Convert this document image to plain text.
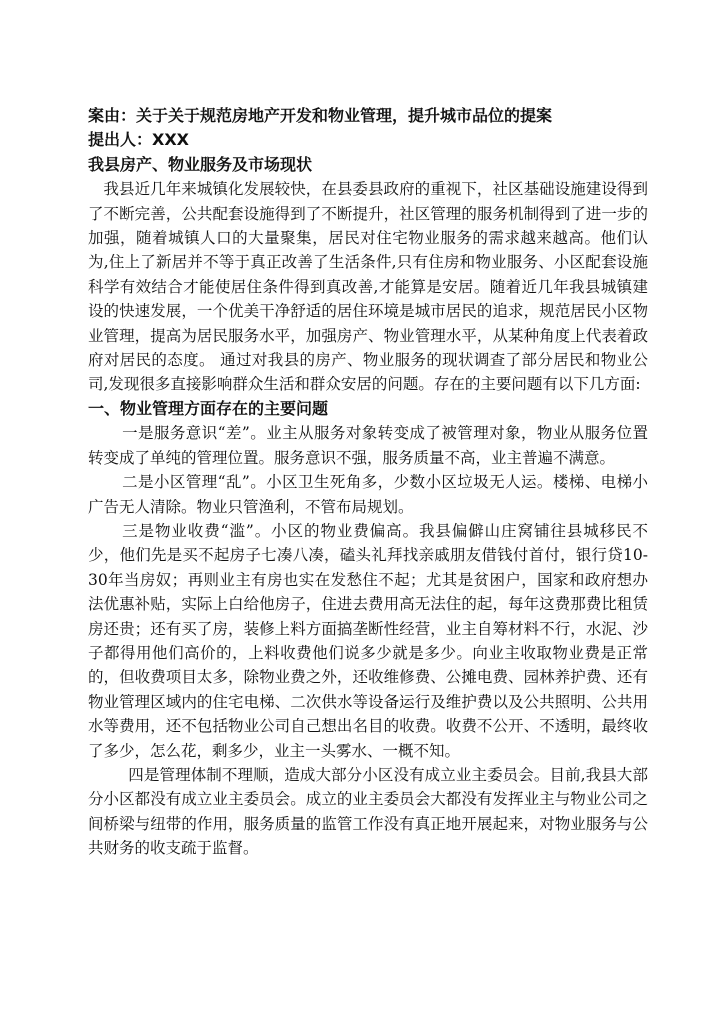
案由：关于关于规范房地产开发和物业管理，提升城市品位的提案

提出人：XXX

我县房产、物业服务及市场现状

我县近几年来城镇化发展较快，在县委县政府的重视下，社区基础设施建设得到了不断完善，公共配套设施得到了不断提升，社区管理的服务机制得到了进一步的加强，随着城镇人口的大量聚集，居民对住宅物业服务的需求越来越高。他们认为,住上了新居并不等于真正改善了生活条件,只有住房和物业服务、小区配套设施科学有效结合才能使居住条件得到真改善,才能算是安居。随着近几年我县城镇建设的快速发展，一个优美干净舒适的居住环境是城市居民的追求，规范居民小区物业管理，提高为居民服务水平，加强房产、物业管理水平，从某种角度上代表着政府对居民的态度。 通过对我县的房产、物业服务的现状调查了部分居民和物业公司,发现很多直接影响群众生活和群众安居的问题。存在的主要问题有以下几方面:

一、物业管理方面存在的主要问题

一是服务意识“差”。业主从服务对象转变成了被管理对象，物业从服务位置转变成了单纯的管理位置。服务意识不强，服务质量不高，业主普遍不满意。

二是小区管理“乱”。小区卫生死角多，少数小区垃圾无人运。楼梯、电梯小广告无人清除。物业只管渔利，不管布局规划。

三是物业收费“滥”。小区的物业费偏高。我县偏僻山庄窝铺往县城移民不少，他们先是买不起房子七凑八凑，磕头礼拜找亲戚朋友借钱付首付，银行贷10-30年当房奴；再则业主有房也实在发愁住不起；尤其是贫困户，国家和政府想办法优惠补贴，实际上白给他房子，住进去费用高无法住的起，每年这费那费比租赁房还贵；还有买了房，装修上料方面搞垄断性经营，业主自筹材料不行，水泥、沙子都得用他们高价的，上料收费他们说多少就是多少。向业主收取物业费是正常的，但收费项目太多，除物业费之外，还收维修费、公摊电费、园林养护费、还有物业管理区域内的住宅电梯、二次供水等设备运行及维护费以及公共照明、公共用水等费用，还不包括物业公司自己想出名目的收费。收费不公开、不透明，最终收了多少，怎么花，剩多少，业主一头雾水、一概不知。

四是管理体制不理顺，造成大部分小区没有成立业主委员会。目前,我县大部分小区都没有成立业主委员会。成立的业主委员会大都没有发挥业主与物业公司之间桥梁与纽带的作用，服务质量的监管工作没有真正地开展起来，对物业服务与公共财务的收支疏于监督。
